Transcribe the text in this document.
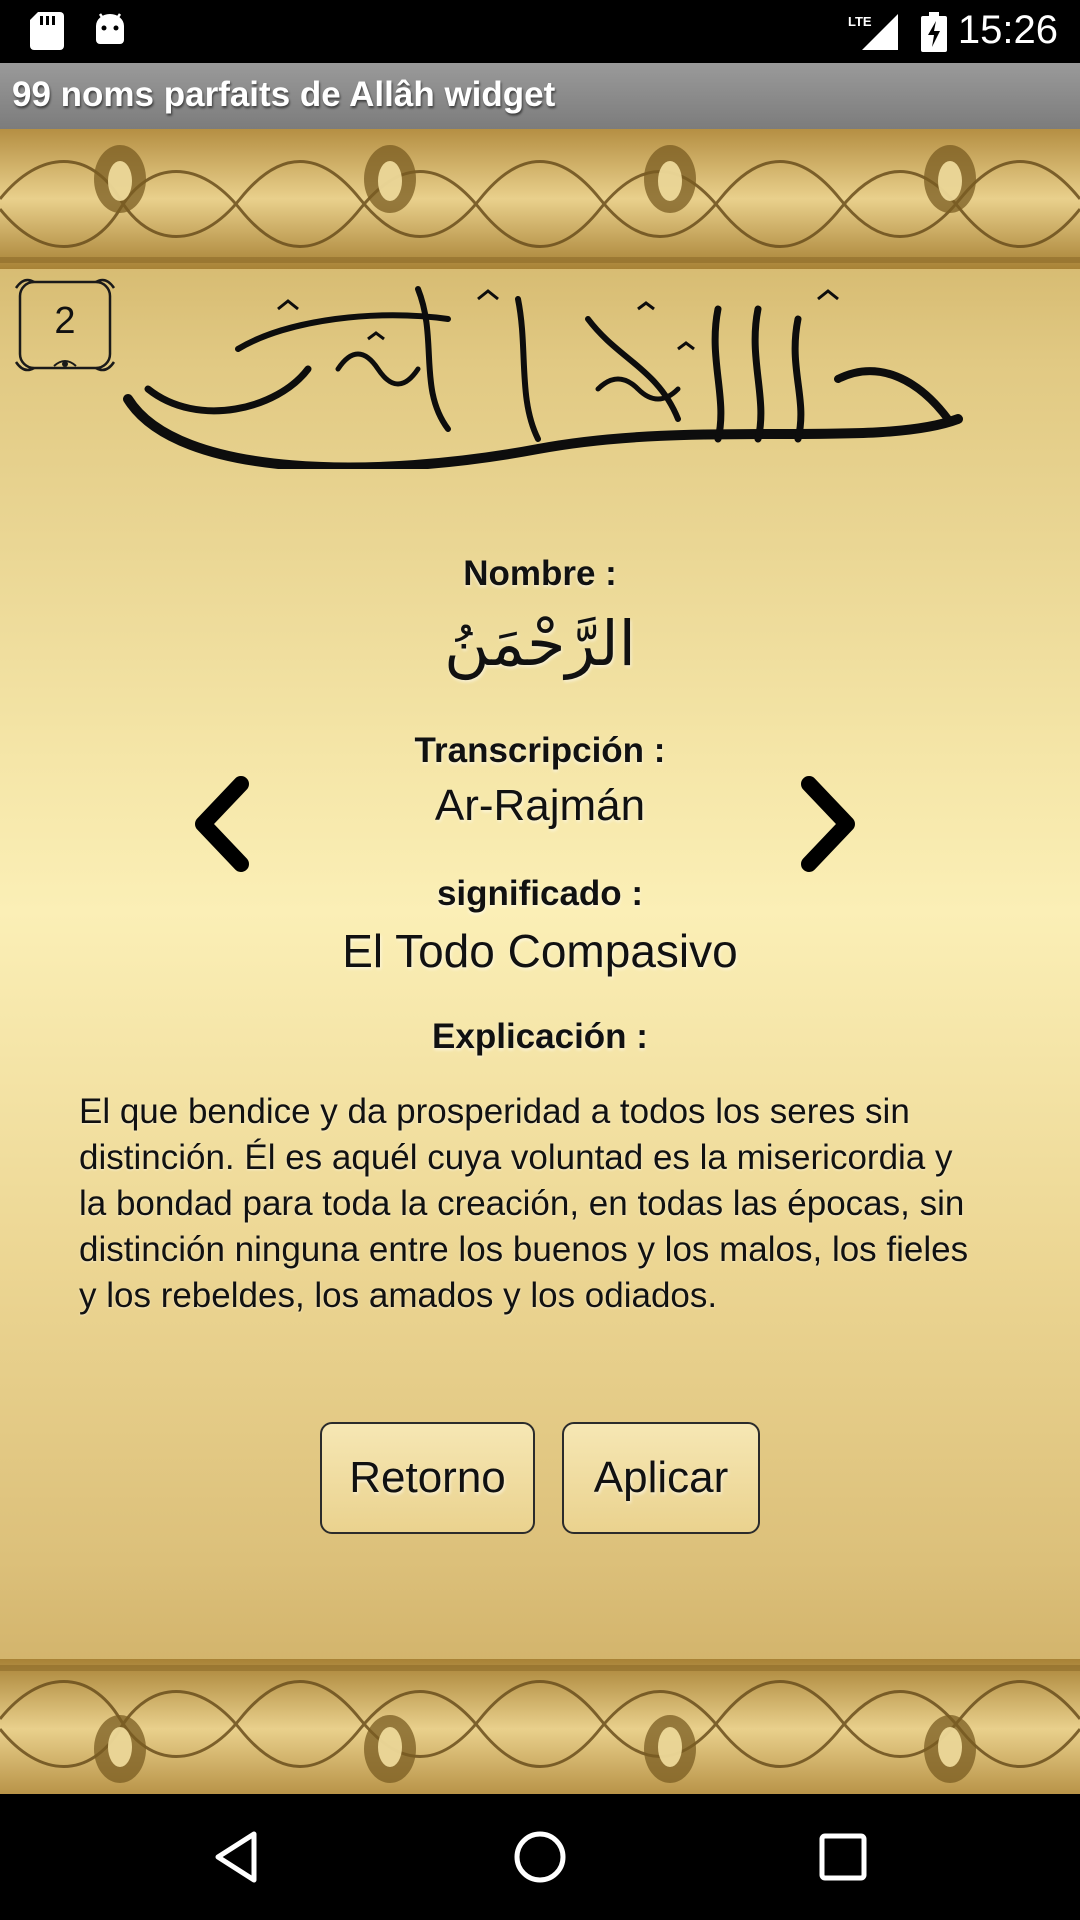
LTE 15:26
99 noms parfaits de Allâh widget
2
Nombre :
الرَّحْمَنُ
Transcripción :
Ar-Rajmán
significado :
El Todo Compasivo
Explicación :
El que bendice y da prosperidad a todos los seres sin distinción. Él es aquél cuya voluntad es la misericordia y la bondad para toda la creación, en todas las épocas, sin distinción ninguna entre los buenos y los malos, los fieles y los rebeldes, los amados y los odiados.
Retorno	Aplicar
